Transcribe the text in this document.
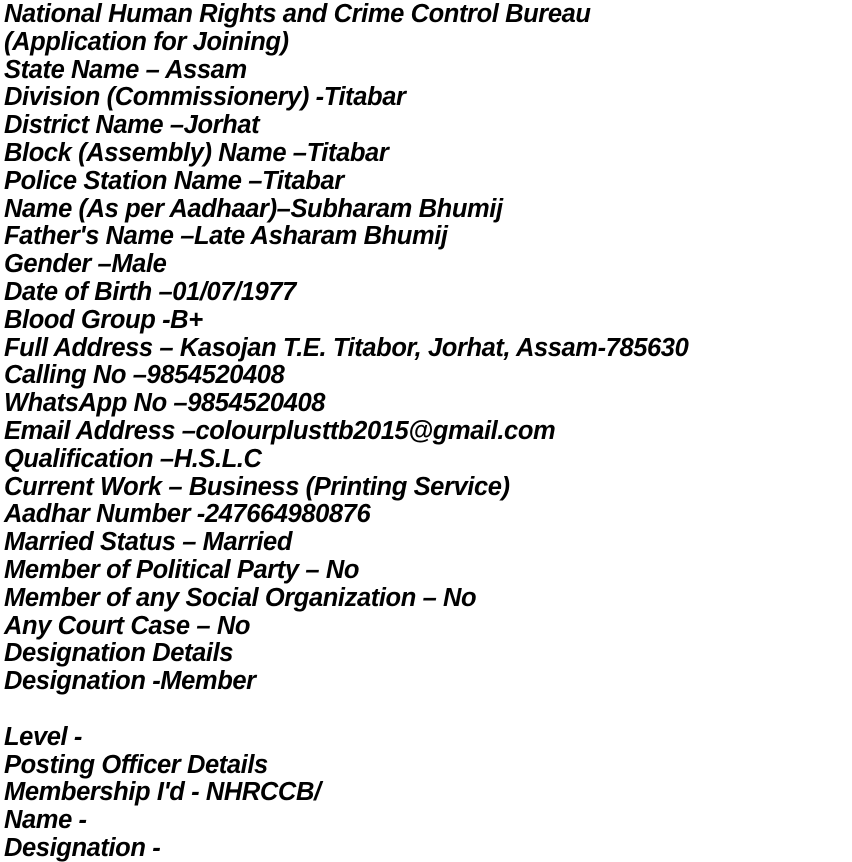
National Human Rights and Crime Control Bureau
(Application for Joining)
State Name – Assam
Division (Commissionery) -Titabar
District Name –Jorhat
Block (Assembly) Name –Titabar
Police Station Name –Titabar
Name (As per Aadhaar)–Subharam Bhumij
Father's Name –Late Asharam Bhumij
Gender –Male
Date of Birth –01/07/1977
Blood Group -B+
Full Address – Kasojan T.E. Titabor, Jorhat, Assam-785630
Calling No –9854520408
WhatsApp No –9854520408
Email Address –colourplusttb2015@gmail.com
Qualification –H.S.L.C
Current Work – Business (Printing Service)
Aadhar Number -247664980876
Married Status – Married
Member of Political Party – No
Member of any Social Organization – No
Any Court Case – No
Designation Details
Designation -Member
Level -
Posting Officer Details
Membership I'd - NHRCCB/
Name -
Designation -
